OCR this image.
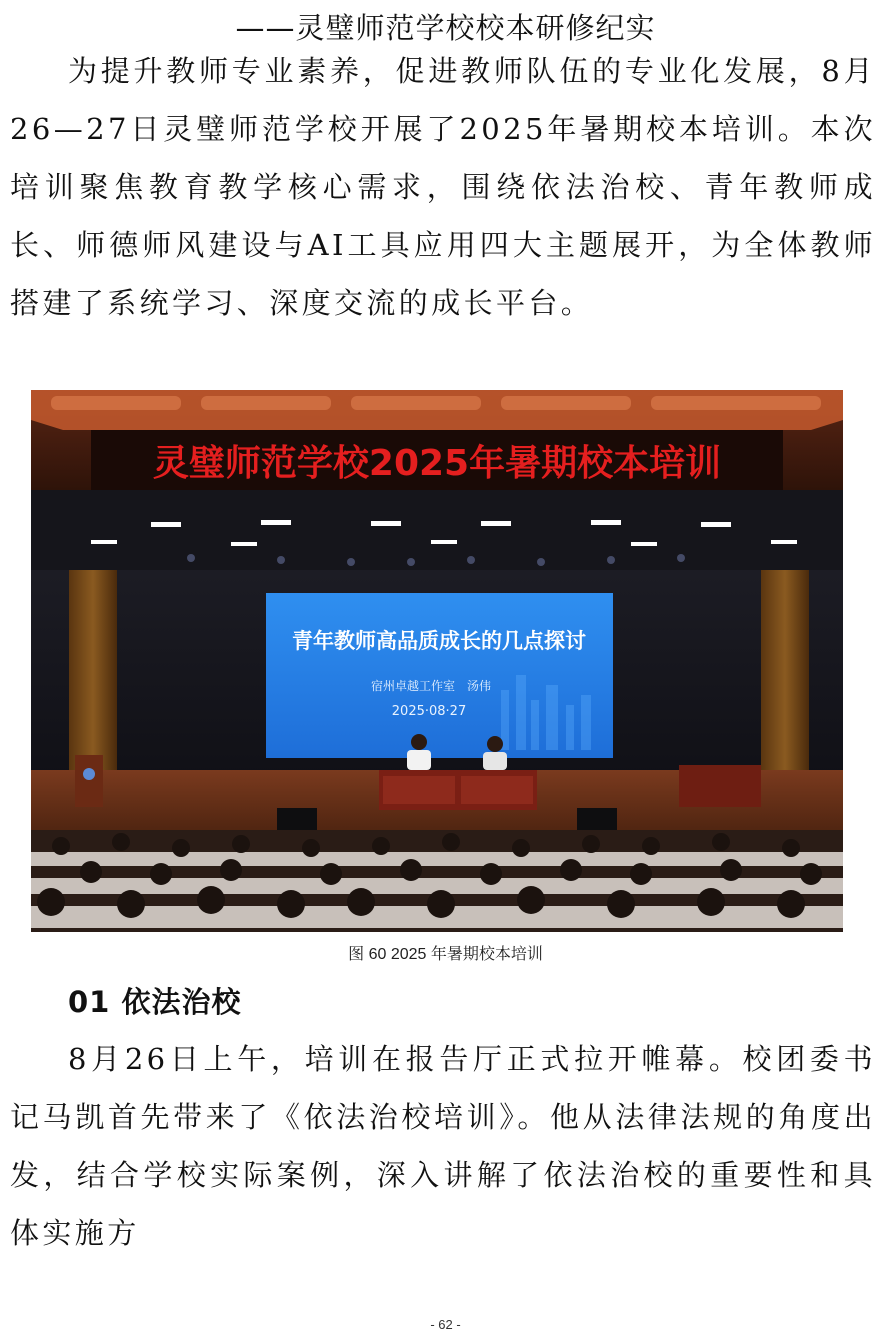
——灵璧师范学校校本研修纪实

为提升教师专业素养，促进教师队伍的专业化发展，8月26—27日灵璧师范学校开展了2025年暑期校本培训。本次培训聚焦教育教学核心需求，围绕依法治校、青年教师成长、师德师风建设与AI工具应用四大主题展开，为全体教师搭建了系统学习、深度交流的成长平台。

灵璧师范学校2025年暑期校本培训
青年教师高品质成长的几点探讨
宿州卓越工作室　汤伟
2025·08·27
图 60 2025 年暑期校本培训
01 依法治校

8月26日上午，培训在报告厅正式拉开帷幕。校团委书记马凯首先带来了《依法治校培训》。他从法律法规的角度出发，结合学校实际案例，深入讲解了依法治校的重要性和具体实施方

- 62 -
